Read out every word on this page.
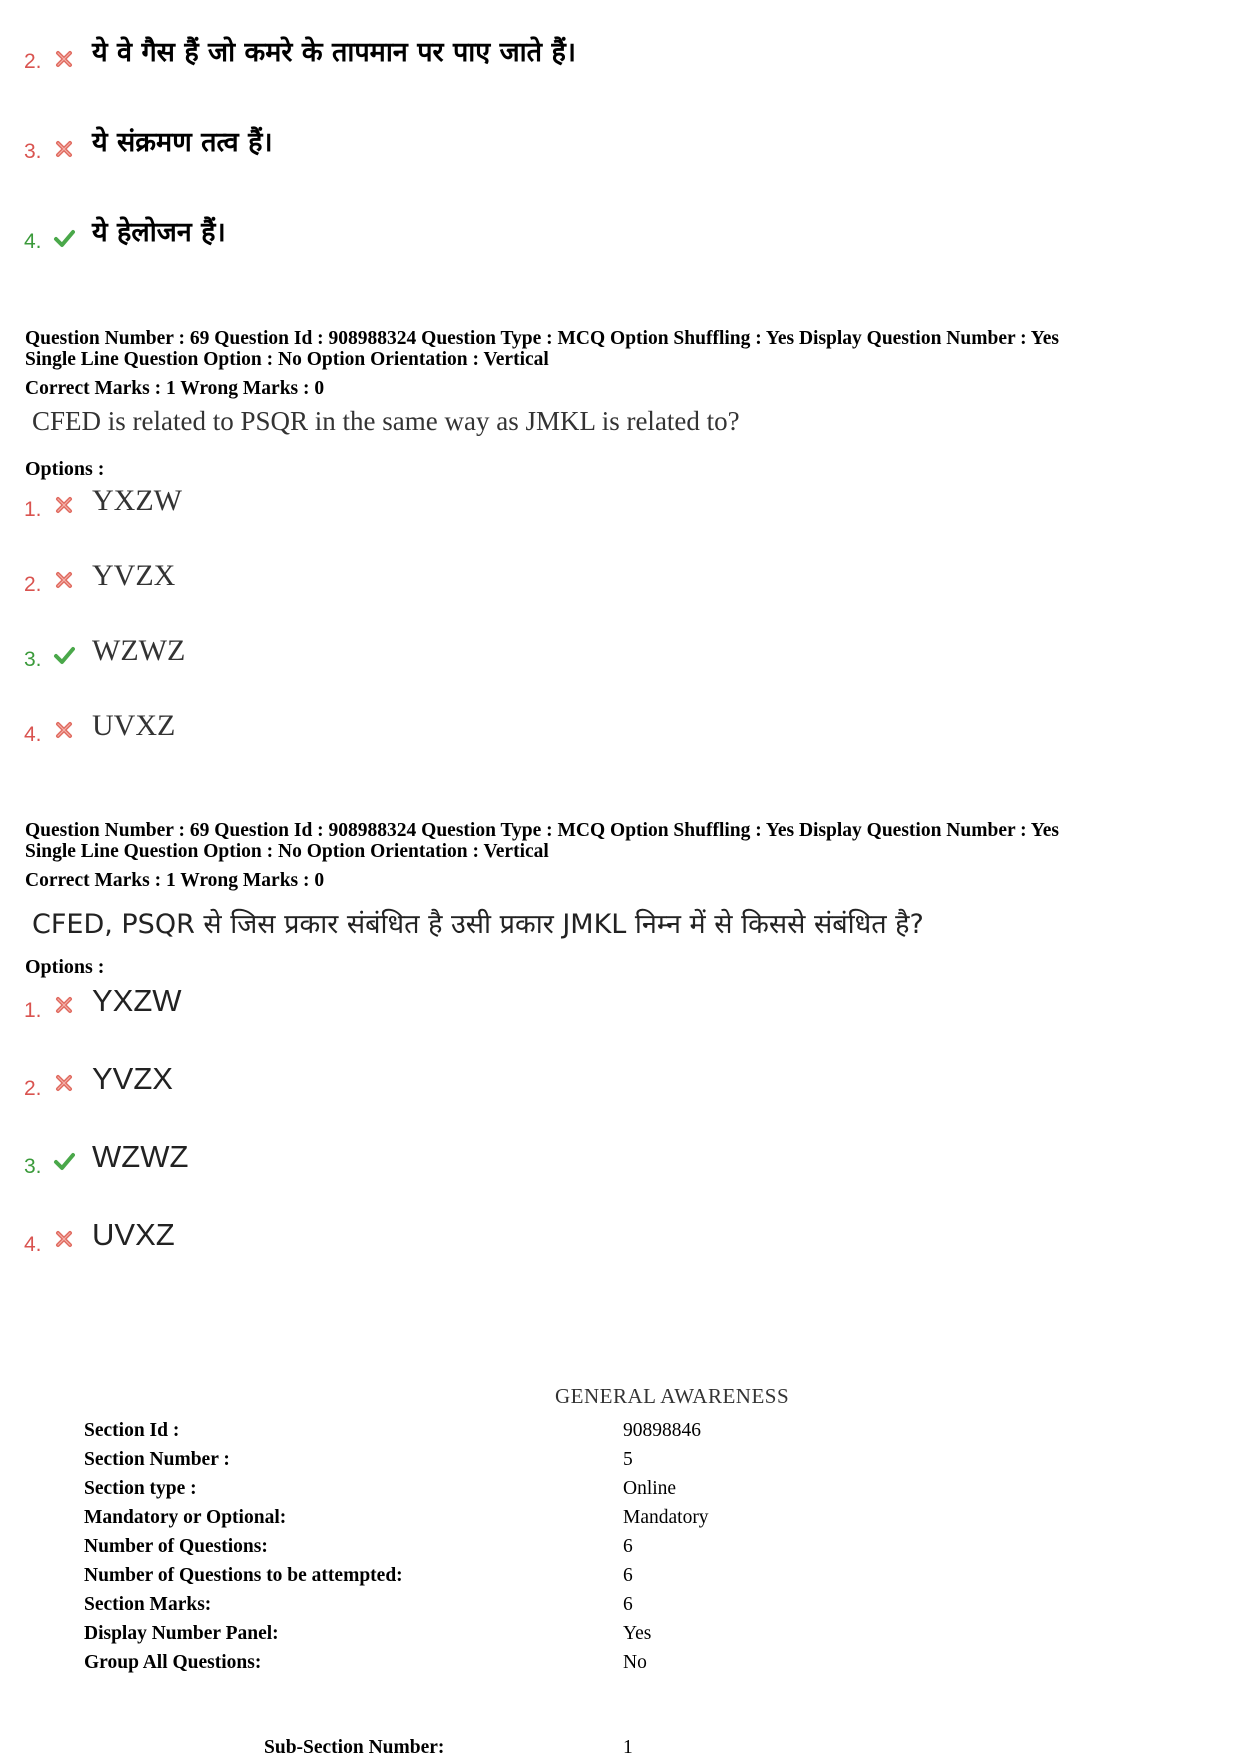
2. ये वे गैस हैं जो कमरे के तापमान पर पाए जाते हैं।
3. ये संक्रमण तत्व हैं।
4. ये हेलोजन हैं।
Question Number : 69 Question Id : 908988324 Question Type : MCQ Option Shuffling : Yes Display Question Number : Yes
Single Line Question Option : No Option Orientation : Vertical
Correct Marks : 1 Wrong Marks : 0
CFED is related to PSQR in the same way as JMKL is related to?
Options :
1. YXZW
2. YVZX
3. WZWZ
4. UVXZ
Question Number : 69 Question Id : 908988324 Question Type : MCQ Option Shuffling : Yes Display Question Number : Yes
Single Line Question Option : No Option Orientation : Vertical
Correct Marks : 1 Wrong Marks : 0
CFED, PSQR से जिस प्रकार संबंधित है उसी प्रकार JMKL निम्न में से किससे संबंधित है?
Options :
1. YXZW
2. YVZX
3. WZWZ
4. UVXZ
GENERAL AWARENESS
Section Id :	90898846
Section Number :	5
Section type :	Online
Mandatory or Optional:	Mandatory
Number of Questions:	6
Number of Questions to be attempted:	6
Section Marks:	6
Display Number Panel:	Yes
Group All Questions:	No
Sub-Section Number:	1
